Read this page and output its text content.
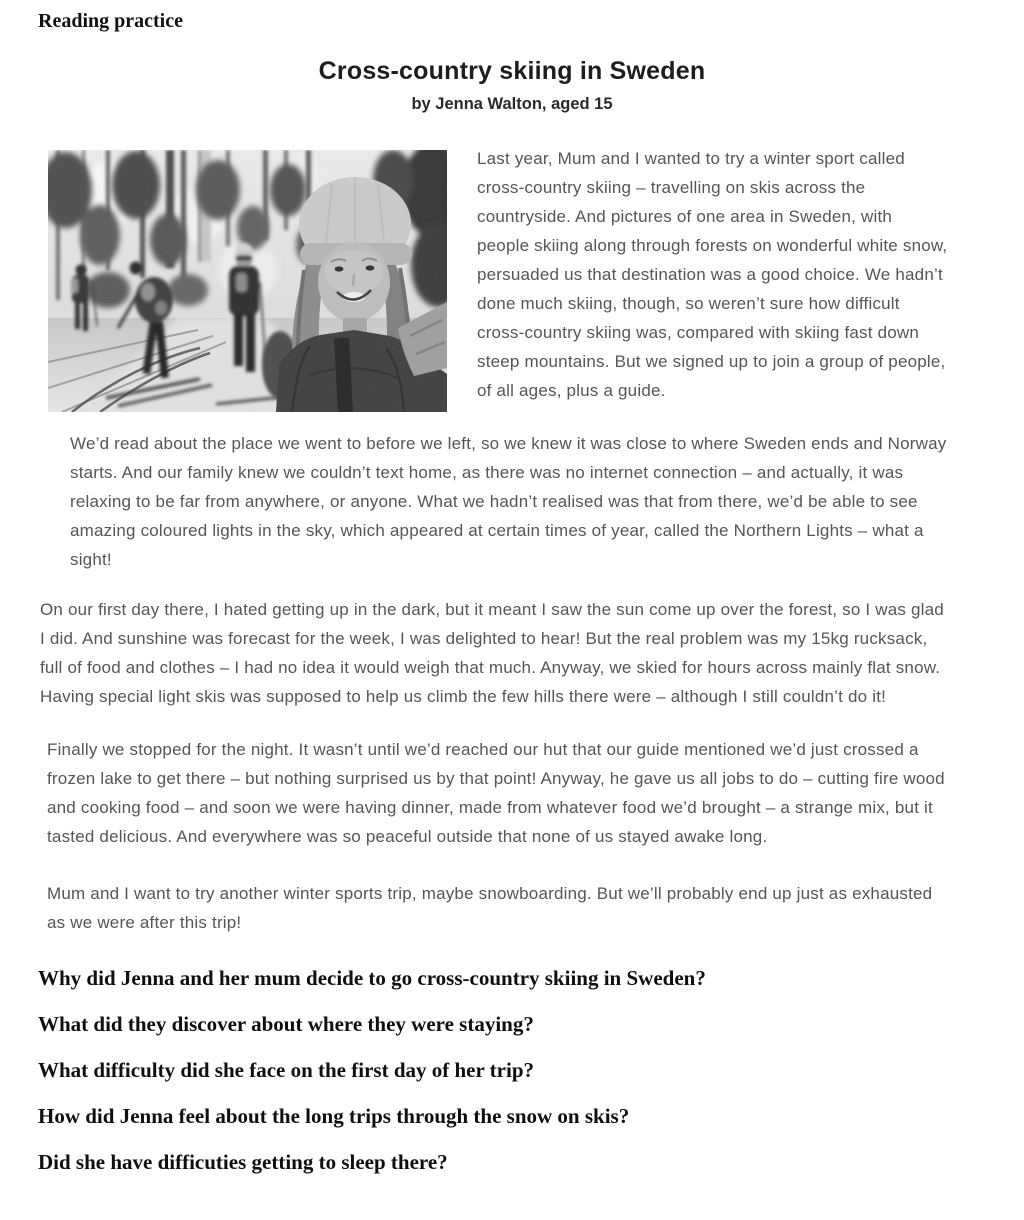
Reading practice
Cross-country skiing in Sweden
by Jenna Walton, aged 15

Last year, Mum and I wanted to try a winter sport called cross-country skiing – travelling on skis across the countryside. And pictures of one area in Sweden, with people skiing along through forests on wonderful white snow, persuaded us that destination was a good choice. We hadn’t done much skiing, though, so weren’t sure how difficult cross-country skiing was, compared with skiing fast down steep mountains. But we signed up to join a group of people, of all ages, plus a guide.

We’d read about the place we went to before we left, so we knew it was close to where Sweden ends and Norway starts. And our family knew we couldn’t text home, as there was no internet connection – and actually, it was relaxing to be far from anywhere, or anyone. What we hadn’t realised was that from there, we’d be able to see amazing coloured lights in the sky, which appeared at certain times of year, called the Northern Lights – what a sight!

On our first day there, I hated getting up in the dark, but it meant I saw the sun come up over the forest, so I was glad I did. And sunshine was forecast for the week, I was delighted to hear! But the real problem was my 15kg rucksack, full of food and clothes – I had no idea it would weigh that much. Anyway, we skied for hours across mainly flat snow. Having special light skis was supposed to help us climb the few hills there were – although I still couldn’t do it!

Finally we stopped for the night. It wasn’t until we’d reached our hut that our guide mentioned we’d just crossed a frozen lake to get there – but nothing surprised us by that point! Anyway, he gave us all jobs to do – cutting fire wood and cooking food – and soon we were having dinner, made from whatever food we’d brought – a strange mix, but it tasted delicious. And everywhere was so peaceful outside that none of us stayed awake long.

Mum and I want to try another winter sports trip, maybe snowboarding. But we’ll probably end up just as exhausted as we were after this trip!

Why did Jenna and her mum decide to go cross-country skiing in Sweden?
What did they discover about where they were staying?
What difficulty did she face on the first day of her trip?
How did Jenna feel about the long trips through the snow on skis?
Did she have difficuties getting to sleep there?
